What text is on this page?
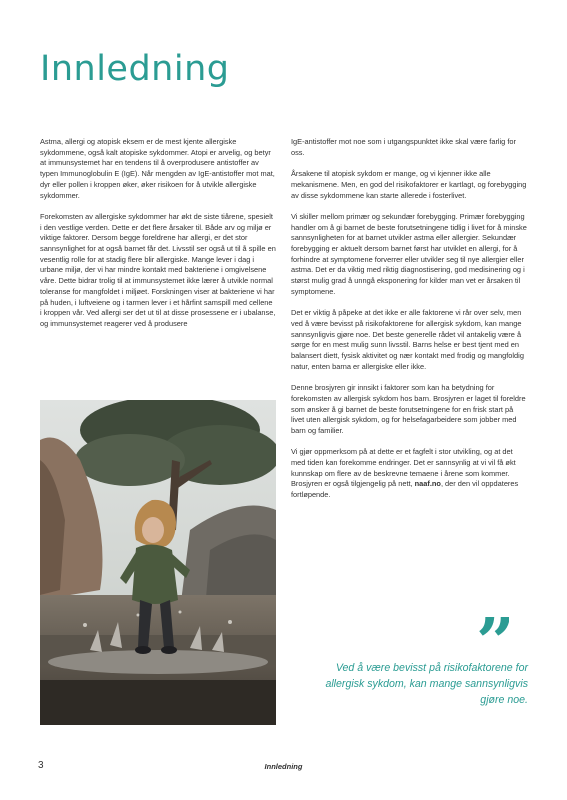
Innledning

Astma, allergi og atopisk eksem er de mest kjente allergiske sykdommene, også kalt atopiske sykdommer. Atopi er arvelig, og betyr at immunsystemet har en tendens til å overprodusere antistoffer av typen Immunoglobulin E (IgE). Når mengden av IgE-antistoffer mot mat, dyr eller pollen i kroppen øker, øker risikoen for å utvikle allergiske sykdommer.

Forekomsten av allergiske sykdommer har økt de siste tiårene, spesielt i den vestlige verden. Dette er det flere årsaker til. Både arv og miljø er viktige faktorer. Dersom begge foreldrene har allergi, er det stor sannsynlighet for at også barnet får det. Livsstil ser også ut til å spille en vesentlig rolle for at stadig flere blir allergiske. Mange lever i dag i urbane miljø, der vi har mindre kontakt med bakteriene i omgivelsene våre. Dette bidrar trolig til at immunsystemet ikke lærer å utvikle normal toleranse for mangfoldet i miljøet. Forskningen viser at bakteriene vi har på huden, i luftveiene og i tarmen lever i et hårfint samspill med cellene i kroppen vår. Ved allergi ser det ut til at disse prosessene er i ubalanse, og immunsystemet reagerer ved å produsere

IgE-antistoffer mot noe som i utgangspunktet ikke skal være farlig for oss.

Årsakene til atopisk sykdom er mange, og vi kjenner ikke alle mekanismene. Men, en god del risikofaktorer er kartlagt, og forebygging av disse sykdommene kan starte allerede i fosterlivet.

Vi skiller mellom primær og sekundær forebygging. Primær forebygging handler om å gi barnet de beste forutsetningene tidlig i livet for å minske sannsynligheten for at barnet utvikler astma eller allergier. Sekundær forebygging er aktuelt dersom barnet først har utviklet en allergi, for å forhindre at symptomene forverrer eller utvikler seg til nye allergier eller astma. Det er da viktig med riktig diagnostisering, god medisinering og i størst mulig grad å unngå eksponering for kilder man vet er årsaken til symptomene.

Det er viktig å påpeke at det ikke er alle faktorene vi rår over selv, men ved å være bevisst på risikofaktorene for allergisk sykdom, kan mange sannsynligvis gjøre noe. Det beste generelle rådet vil antakelig være å sørge for en mest mulig sunn livsstil. Barns helse er best tjent med en balansert diett, fysisk aktivitet og nær kontakt med frodig og mangfoldig natur, enten barna er allergiske eller ikke.

Denne brosjyren gir innsikt i faktorer som kan ha betydning for forekomsten av allergisk sykdom hos barn. Brosjyren er laget til foreldre som ønsker å gi barnet de beste forutsetningene for en frisk start på livet uten allergisk sykdom, og for helsefagarbeidere som jobber med barn og familier.

Vi gjør oppmerksom på at dette er et fagfelt i stor utvikling, og at det med tiden kan forekomme endringer. Det er sannsynlig at vi vil få økt kunnskap om flere av de beskrevne temaene i årene som kommer. Brosjyren er også tilgjengelig på nett, naaf.no, der den vil oppdateres fortløpende.

”
Ved å være bevisst på risikofaktorene for allergisk sykdom, kan mange sannsynligvis gjøre noe.
3	Innledning
